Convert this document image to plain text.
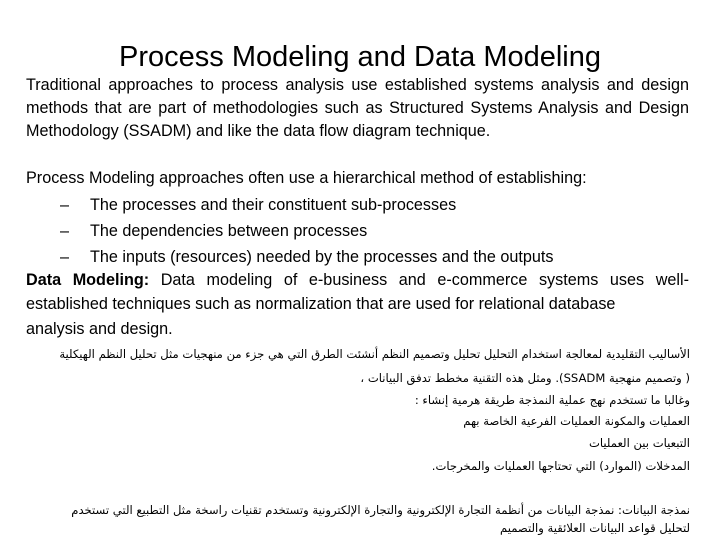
Process Modeling and Data Modeling

Traditional approaches to process analysis use established systems analysis and design methods that are part of methodologies such as Structured Systems Analysis and Design Methodology (SSADM) and like the data flow diagram technique.

Process Modeling approaches often use a hierarchical method of establishing:

– The processes and their constituent sub-processes
– The dependencies between processes
– The inputs (resources) needed by the processes and the outputs

Data Modeling: Data modeling of e-business and e-commerce systems uses well-established techniques such as normalization that are used for relational database

analysis and design.

الأساليب التقليدية لمعالجة استخدام التحليل تحليل وتصميم النظم أنشئت الطرق التي هي جزء من منهجيات مثل تحليل النظم الهيكلية

( وتصميم منهجية SSADM). ومثل هذه التقنية مخطط تدفق البيانات ،

وغالبا ما تستخدم نهج عملية النمذجة طريقة هرمية إنشاء :

العمليات والمكونة العمليات الفرعية الخاصة بهم

التبعيات بين العمليات

المدخلات (الموارد) التي تحتاجها العمليات والمخرجات.

نمذجة البيانات: نمذجة البيانات من أنظمة التجارة الإلكترونية والتجارة الإلكترونية وتستخدم تقنيات راسخة مثل التطبيع التي تستخدم

لتحليل قواعد البيانات العلائقية والتصميم
